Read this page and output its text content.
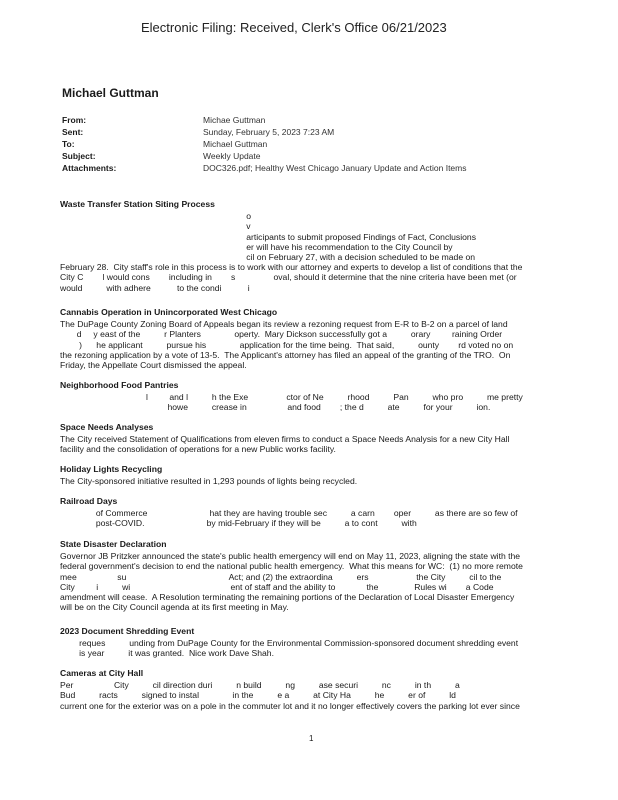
Electronic Filing: Received, Clerk's Office 06/21/2023
Michael Guttman
From:	Michae Guttman
Sent:	Sunday, February 5, 2023 7:23 AM
To:	Michael Guttman
Subject:	Weekly Update
Attachments:	DOC326.pdf; Healthy West Chicago January Update and Action Items
Waste Transfer Station Siting Process

o

v

articipants to submit proposed Findings of Fact, Conclusions

er will have his recommendation to the City Council by

cil on February 27, with a decision scheduled to be made on

February 28.  City staff's role in this process is to work with our attorney and experts to develop a list of conditions that the

City C        l would cons        including in        s                oval, should it determine that the nine criteria have been met (or

would          with adhere           to the condi           i

Cannabis Operation in Unincorporated West Chicago

The DuPage County Zoning Board of Appeals began its review a rezoning request from E-R to B-2 on a parcel of land

d     y east of the          r Planters              operty.  Mary Dickson successfully got a          orary         raining Order

)      he applicant          pursue his              application for the time being.  That said,          ounty        rd voted no on

the rezoning application by a vote of 13-5.  The Applicant's attorney has filed an appeal of the granting of the TRO.  On

Friday, the Appellate Court dismissed the appeal.

Neighborhood Food Pantries

l         and l          h the Exe                ctor of Ne          rhood          Pan          who pro          me pretty

howe          crease in                 and food        ; the d          ate          for your          ion.

Space Needs Analyses

The City received Statement of Qualifications from eleven firms to conduct a Space Needs Analysis for a new City Hall

facility and the consolidation of operations for a new Public works facility.

Holiday Lights Recycling

The City-sponsored initiative resulted in 1,293 pounds of lights being recycled.

Railroad Days

of Commerce                          hat they are having trouble sec          a carn        oper          as there are so few of

post-COVID.                          by mid-February if they will be          a to cont          with

State Disaster Declaration

Governor JB Pritzker announced the state's public health emergency will end on May 11, 2023, aligning the state with the

federal government's decision to end the national public health emergency.  What this means for WC:  (1) no more remote

mee                 su                                           Act; and (2) the extraordina          ers                    the City          cil to the

City         i          wi                                          ent of staff and the ability to             the               Rules wi        a Code

amendment will cease.  A Resolution terminating the remaining portions of the Declaration of Local Disaster Emergency

will be on the City Council agenda at its first meeting in May.

2023 Document Shredding Event

reques          unding from DuPage County for the Environmental Commission-sponsored document shredding event

is year          it was granted.  Nice work Dave Shah.

Cameras at City Hall

Per                 City          cil direction duri          n build          ng          ase securi          nc          in th          a

Bud          racts          signed to instal              in the          e a          at City Ha          he          er of          ld

current one for the exterior was on a pole in the commuter lot and it no longer effectively covers the parking lot ever since

1
